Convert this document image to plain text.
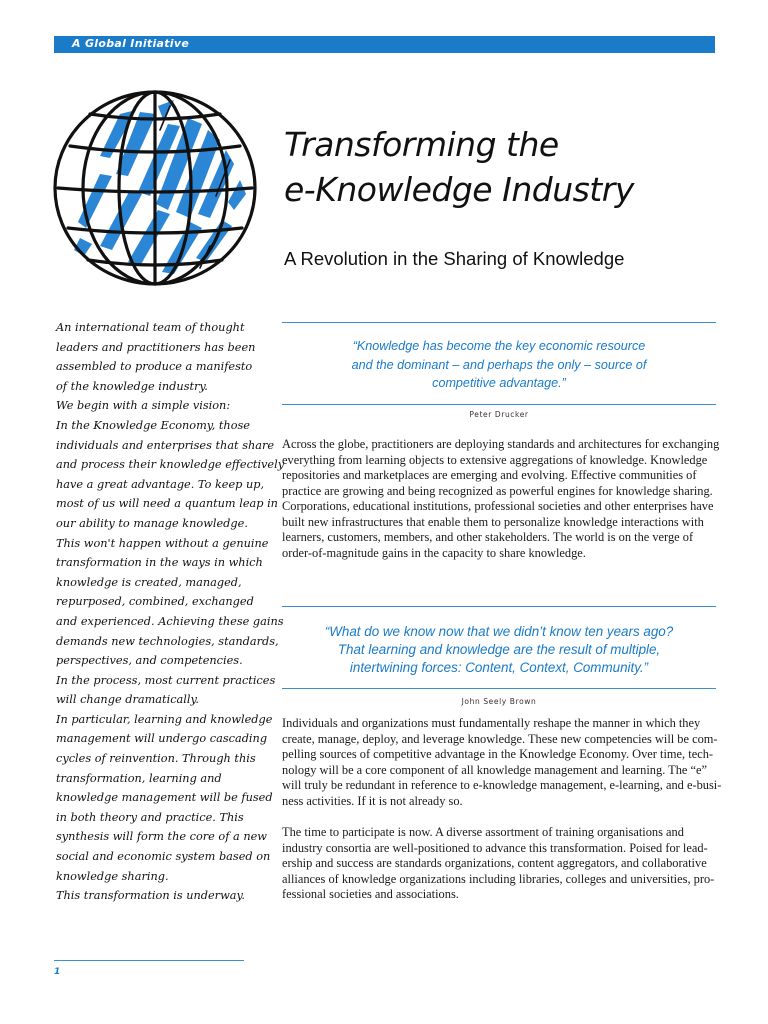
A Global Initiative
Transforming the
e-Knowledge Industry
A Revolution in the Sharing of Knowledge
An international team of thought
leaders and practitioners has been
assembled to produce a manifesto
of the knowledge industry.
We begin with a simple vision:
In the Knowledge Economy, those
individuals and enterprises that share
and process their knowledge effectively
have a great advantage. To keep up,
most of us will need a quantum leap in
our ability to manage knowledge.
This won't happen without a genuine
transformation in the ways in which
knowledge is created, managed,
repurposed, combined, exchanged
and experienced. Achieving these gains
demands new technologies, standards,
perspectives, and competencies.
In the process, most current practices
will change dramatically.
In particular, learning and knowledge
management will undergo cascading
cycles of reinvention. Through this
transformation, learning and
knowledge management will be fused
in both theory and practice. This
synthesis will form the core of a new
social and economic system based on
knowledge sharing.
This transformation is underway.
“Knowledge has become the key economic resource
and the dominant – and perhaps the only – source of
competitive advantage.”
Peter Drucker
Across the globe, practitioners are deploying standards and architectures for exchanging
everything from learning objects to extensive aggregations of knowledge. Knowledge
repositories and marketplaces are emerging and evolving. Effective communities of
practice are growing and being recognized as powerful engines for knowledge sharing.
Corporations, educational institutions, professional societies and other enterprises have
built new infrastructures that enable them to personalize knowledge interactions with
learners, customers, members, and other stakeholders. The world is on the verge of
order-of-magnitude gains in the capacity to share knowledge.
“What do we know now that we didn’t know ten years ago?
That learning and knowledge are the result of multiple,
intertwining forces: Content, Context, Community.”
John Seely Brown
Individuals and organizations must fundamentally reshape the manner in which they
create, manage, deploy, and leverage knowledge. These new competencies will be com-
pelling sources of competitive advantage in the Knowledge Economy. Over time, tech-
nology will be a core component of all knowledge management and learning. The “e”
will truly be redundant in reference to e-knowledge management, e-learning, and e-busi-
ness activities. If it is not already so.
The time to participate is now. A diverse assortment of training organisations and
industry consortia are well-positioned to advance this transformation. Poised for lead-
ership and success are standards organizations, content aggregators, and collaborative
alliances of knowledge organizations including libraries, colleges and universities, pro-
fessional societies and associations.
1
